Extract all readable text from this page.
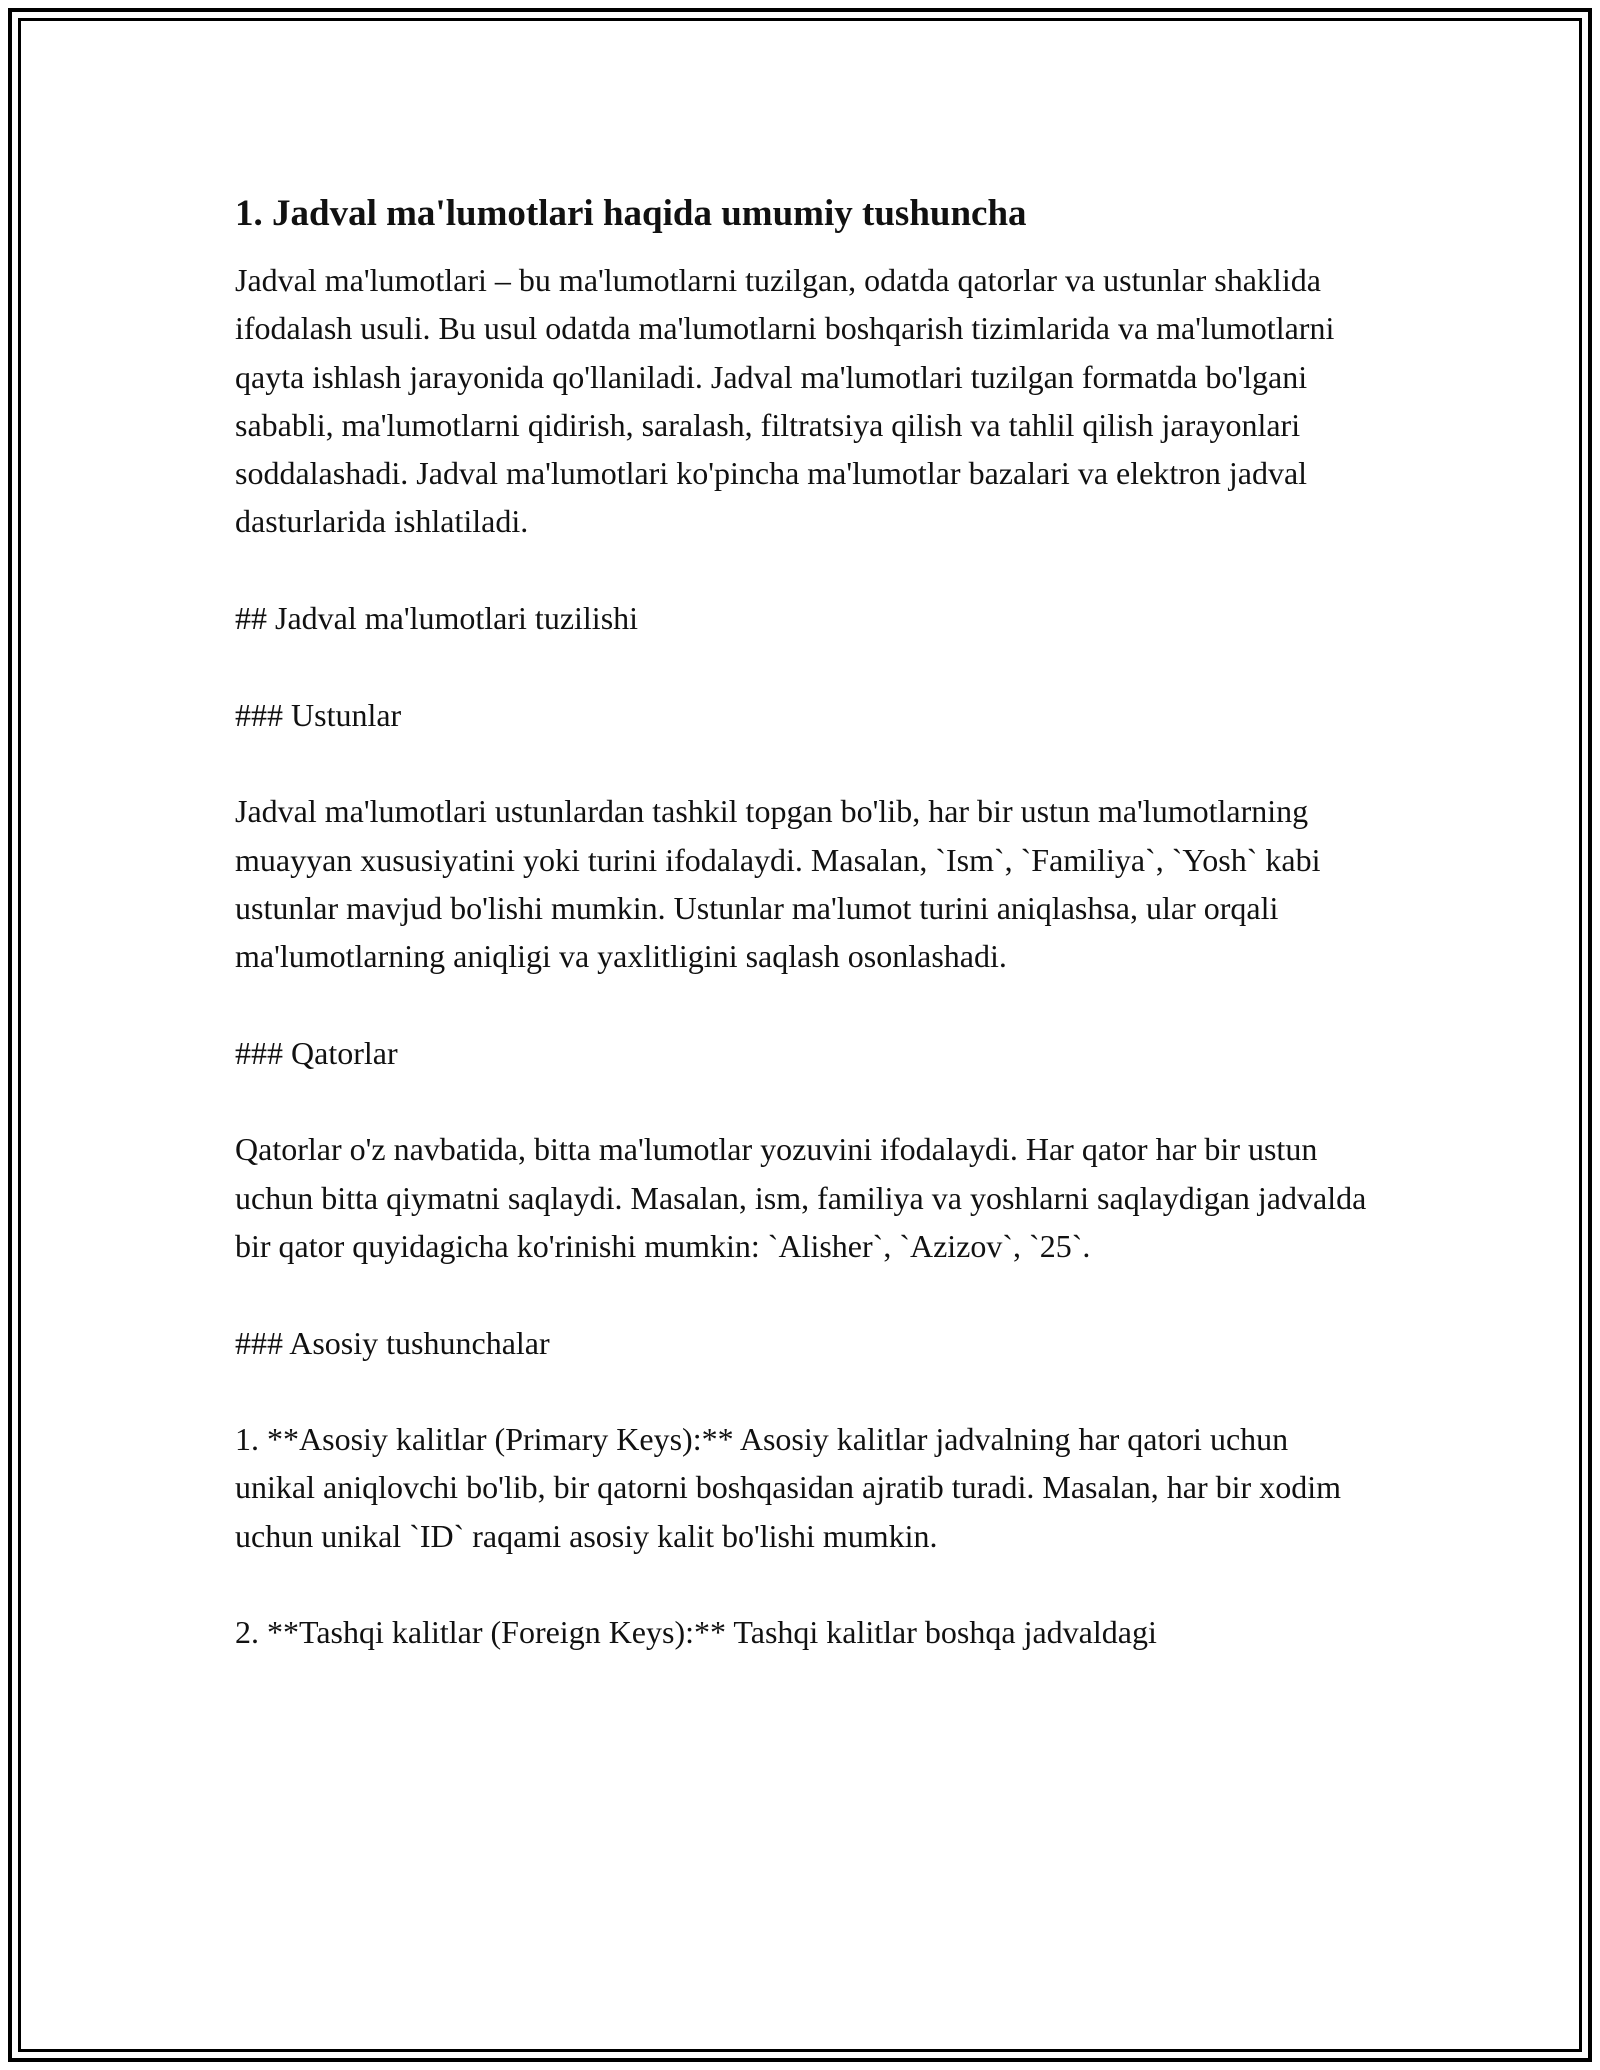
1. Jadval ma'lumotlari haqida umumiy tushuncha

Jadval ma'lumotlari – bu ma'lumotlarni tuzilgan, odatda qatorlar va ustunlar shaklida ifodalash usuli. Bu usul odatda ma'lumotlarni boshqarish tizimlarida va ma'lumotlarni qayta ishlash jarayonida qo'llaniladi. Jadval ma'lumotlari tuzilgan formatda bo'lgani sababli, ma'lumotlarni qidirish, saralash, filtratsiya qilish va tahlil qilish jarayonlari soddalashadi. Jadval ma'lumotlari ko'pincha ma'lumotlar bazalari va elektron jadval dasturlarida ishlatiladi.

## Jadval ma'lumotlari tuzilishi

### Ustunlar

Jadval ma'lumotlari ustunlardan tashkil topgan bo'lib, har bir ustun ma'lumotlarning muayyan xususiyatini yoki turini ifodalaydi. Masalan, `Ism`, `Familiya`, `Yosh` kabi ustunlar mavjud bo'lishi mumkin. Ustunlar ma'lumot turini aniqlashsa, ular orqali ma'lumotlarning aniqligi va yaxlitligini saqlash osonlashadi.

### Qatorlar

Qatorlar o'z navbatida, bitta ma'lumotlar yozuvini ifodalaydi. Har qator har bir ustun uchun bitta qiymatni saqlaydi. Masalan, ism, familiya va yoshlarni saqlaydigan jadvalda bir qator quyidagicha ko'rinishi mumkin: `Alisher`, `Azizov`, `25`.

### Asosiy tushunchalar

1. **Asosiy kalitlar (Primary Keys):** Asosiy kalitlar jadvalning har qatori uchun unikal aniqlovchi bo'lib, bir qatorni boshqasidan ajratib turadi. Masalan, har bir xodim uchun unikal `ID` raqami asosiy kalit bo'lishi mumkin.

2. **Tashqi kalitlar (Foreign Keys):** Tashqi kalitlar boshqa jadvaldagi
